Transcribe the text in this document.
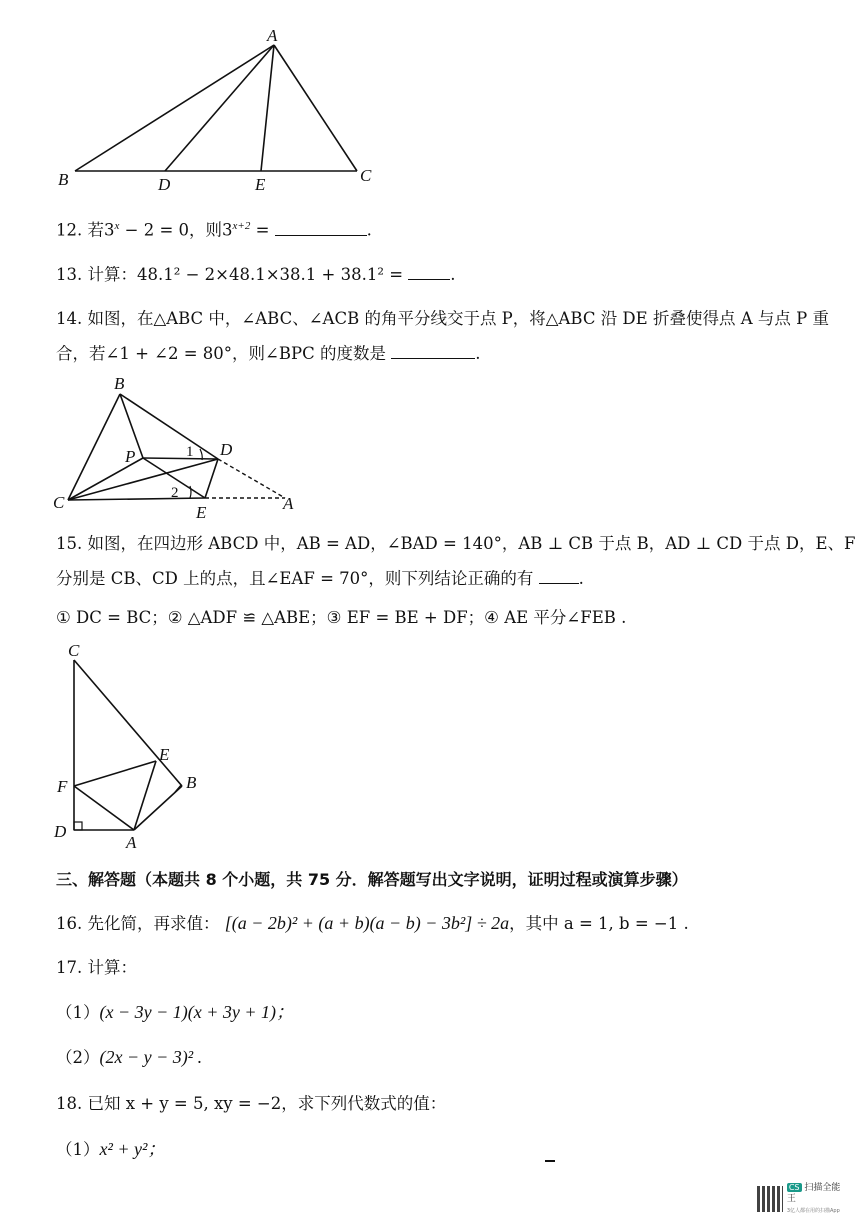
A
B	D	E	C
12. 若$3^x - 2 = 0$，则$3^{x+2}$ =	.
13. 计算：48.1² − 2×48.1×38.1 + 38.1² =	.
14. 如图，在△ABC 中，∠ABC、∠ACB 的角平分线交于点 P，将△ABC 沿 DE 折叠使得点 A 与点 P 重
合，若∠1 + ∠2 = 80°，则∠BPC 的度数是	.
B
P	1 D
C	2
E	A
15. 如图，在四边形 ABCD 中，AB = AD，∠BAD = 140°，AB ⊥ CB 于点 B，AD ⊥ CD 于点 D，E、F
分别是 CB、CD 上的点，且∠EAF = 70°，则下列结论正确的有	.
① DC = BC；② △ADF ≌ △ABE；③ EF = BE + DF；④ AE 平分∠FEB .
C
E
B
F
D
A
三、解答题（本题共 8 个小题，共 75 分．解答题写出文字说明，证明过程或演算步骤）
16. 先化简，再求值： [(a − 2b)² + (a + b)(a − b) − 3b²] ÷ 2a，其中 a = 1, b = −1 .
17. 计算：
（1）(x − 3y − 1)(x + 3y + 1)；
（2）(2x − y − 3)² .
18. 已知 x + y = 5, xy = −2，求下列代数式的值：
（1）x² + y²；
CS 扫描全能王
3亿人都在用的扫描App
